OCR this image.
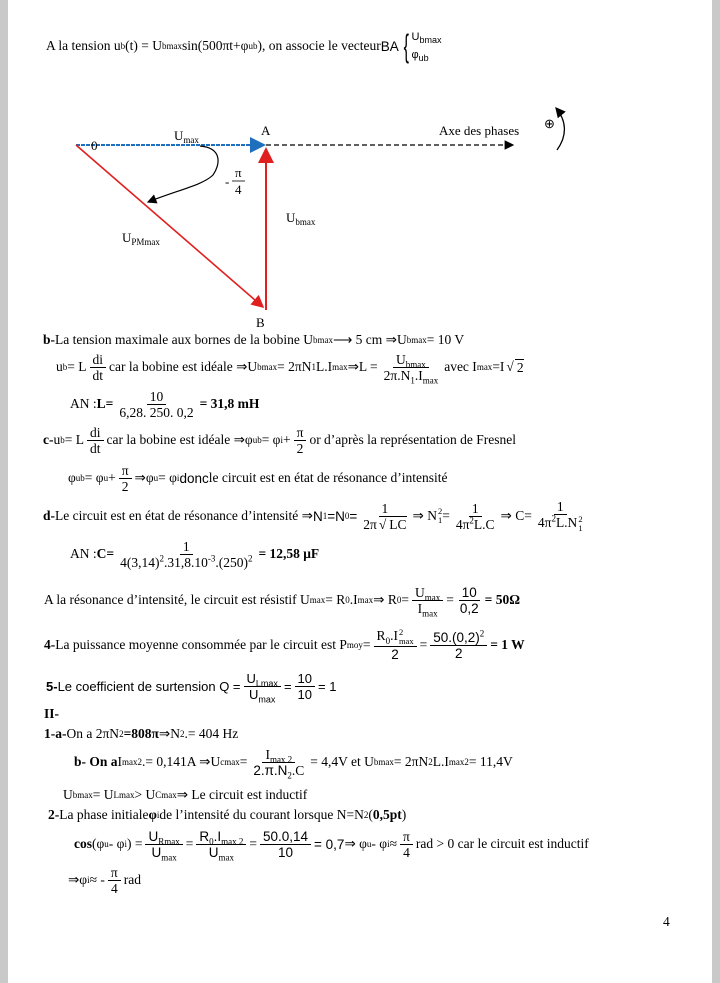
A la tension u b (t) = U bmax sin(500πt+φ ub ), on associe le vecteur BA { $U_{bmax}$
$\varphi_{ub}$
0
A
B
Axe des phases ⊕
$U_{max}$
$U_{bmax}$
$U_{PMmax}$
-
π
4
b- La tension maximale aux bornes de la bobine U bmax ⟶ 5 cm ⇒U bmax = 10 V
u b = L $\frac{di}{dt}$ car la bobine est idéale ⇒U bmax = 2πN 1 L.I max ⇒L = $\frac{U_{bmax}}{2\pi.N_1.I_{max}}$ avec I max =I √ 2
AN : $L= \frac{10}{6,28. 250. 0,2} = 31,8$ mH
c- u b = L $\frac{di}{dt}$ car la bobine est idéale ⇒φ ub = φ $i + \frac{\pi}{2}$ or d’après la représentation de Fresnel
φ ub = φ $u + \frac{\pi}{2}$ ⇒φ u = φ i donc le circuit est en état de résonance d’intensité
d- Le circuit est en état de résonance d’intensité ⇒ N 1 =N $0 = \frac{1}{2\pi √ LC}$ ⇒ N 2
$1 = \frac{1}{4\pi^2L.C}$ ⇒ C= 1
$4\pi^2L.N$ 2
1
AN : $C= \frac{1}{4(3,14)^2.31,8.10^{-3}.(250)^2} = 12,58$ μF
A la résonance d’intensité, le circuit est résistif U max = R 0 .I max ⇒ R $0 = \frac{U_{max}}{I_{max}} = \frac{10}{0,2} = 50\Omega$
4- La puissance moyenne consommée par le circuit est P moy = $R_0.I$ 2
max
$2 = \frac{50.(0,2)^2}{2} = 1$ W
5- Le coefficient de surtension $Q = \frac{U_{Lmax}}{U_{max}} = \frac{10}{10} = 1$
II-
1-a- On a 2πN 2 =808π ⇒N 2 .= 404 Hz
b- On a I max2 .= 0,141A ⇒U $cmax = \frac{I_{max 2}}{2.\pi.N_2.C} = 4,4V$ et U bmax = 2πN 2 L.I max2 = 11,4V
U bmax = U Lmax > U Cmax ⇒ Le circuit est inductif
2- La phase initiale φ i de l’intensité du courant lorsque N=N 2 ( 0,5pt )
cos (φ u - φ i ) = $\frac{U_{Rmax}}{U_{max}} = \frac{R_0.I_{max 2}}{U_{max}} = \frac{50.0,14}{10} = 0,7$ ⇒ φ u - φ $i \approx \frac{\pi}{4}$ rad > 0 car le circuit est inductif
⇒φ i ≈ - $\frac{\pi}{4}$ rad
4
